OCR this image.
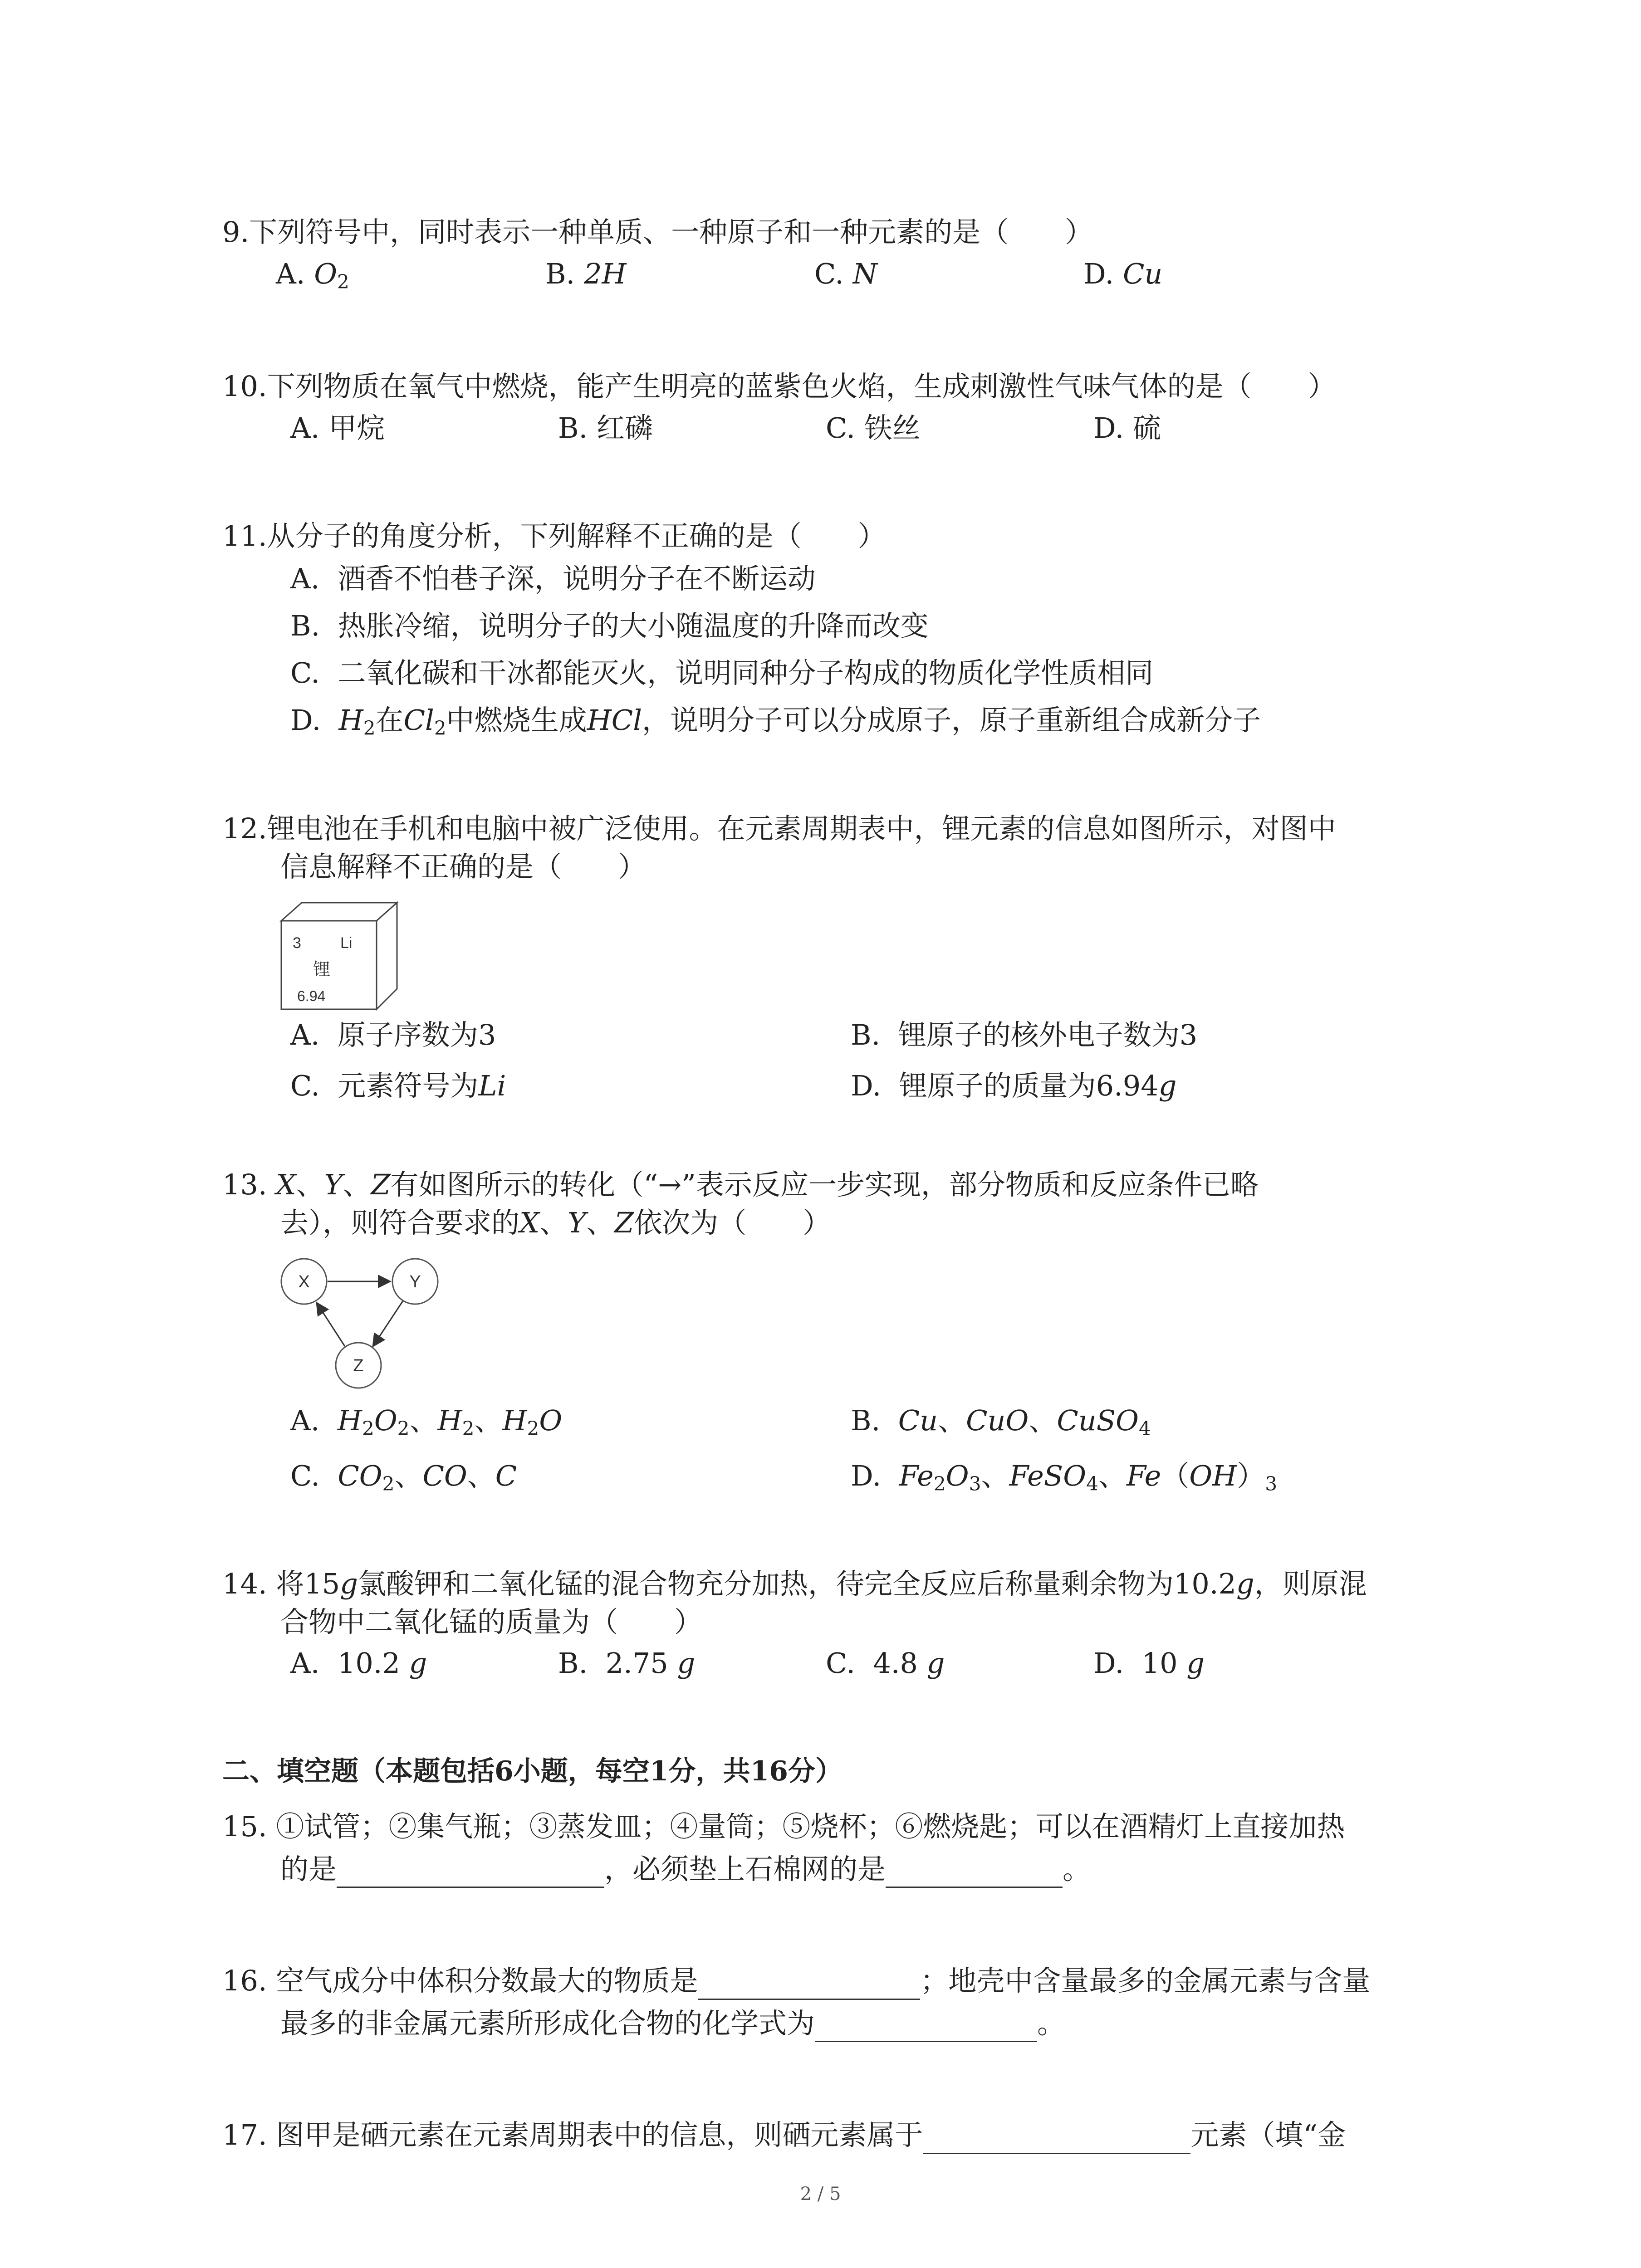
9.下列符号中，同时表示一种单质、一种原子和一种元素的是（　　）
A. $O_2$	B. 2H	C. N	D. Cu
10.下列物质在氧气中燃烧，能产生明亮的蓝紫色火焰，生成刺激性气味气体的是（　　）
A. 甲烷	B. 红磷	C. 铁丝	D. 硫
11.从分子的角度分析，下列解释不正确的是（　　）
A. 酒香不怕巷子深，说明分子在不断运动
B. 热胀冷缩，说明分子的大小随温度的升降而改变
C. 二氧化碳和干冰都能灭火，说明同种分子构成的物质化学性质相同
D. $H_2$在$Cl_2$中燃烧生成HCl，说明分子可以分成原子，原子重新组合成新分子
12.锂电池在手机和电脑中被广泛使用。在元素周期表中，锂元素的信息如图所示，对图中
信息解释不正确的是（　　）
3	Li
锂
6.94
A. 原子序数为3	B. 锂原子的核外电子数为3
C. 元素符号为Li	D. 锂原子的质量为6.94g
13. X、Y、Z有如图所示的转化（“→”表示反应一步实现，部分物质和反应条件已略
去），则符合要求的X、Y、Z依次为（　　）
X	Y
Z
A. $H_2O_2$、$H_2$、$H_2O$	B. Cu、CuO、CuSO$_4$
C. $CO_2$、CO、C	D. $Fe_2O_3$、FeSO$_4$、$Fe(OH)_3$
14. 将15g氯酸钾和二氧化锰的混合物充分加热，待完全反应后称量剩余物为10.2g，则原混
合物中二氧化锰的质量为（　　）
A. 10.2 g	B. 2.75 g	C. 4.8 g	D. 10 g
二、填空题（本题包括6小题，每空1分，共16分）
15. ①试管；②集气瓶；③蒸发皿；④量筒；⑤烧杯；⑥燃烧匙；可以在酒精灯上直接加热
的是	，必须垫上石棉网的是	。
16. 空气成分中体积分数最大的物质是	；地壳中含量最多的金属元素与含量
最多的非金属元素所形成化合物的化学式为	。
17. 图甲是硒元素在元素周期表中的信息，则硒元素属于	元素（填“金
2 / 5
